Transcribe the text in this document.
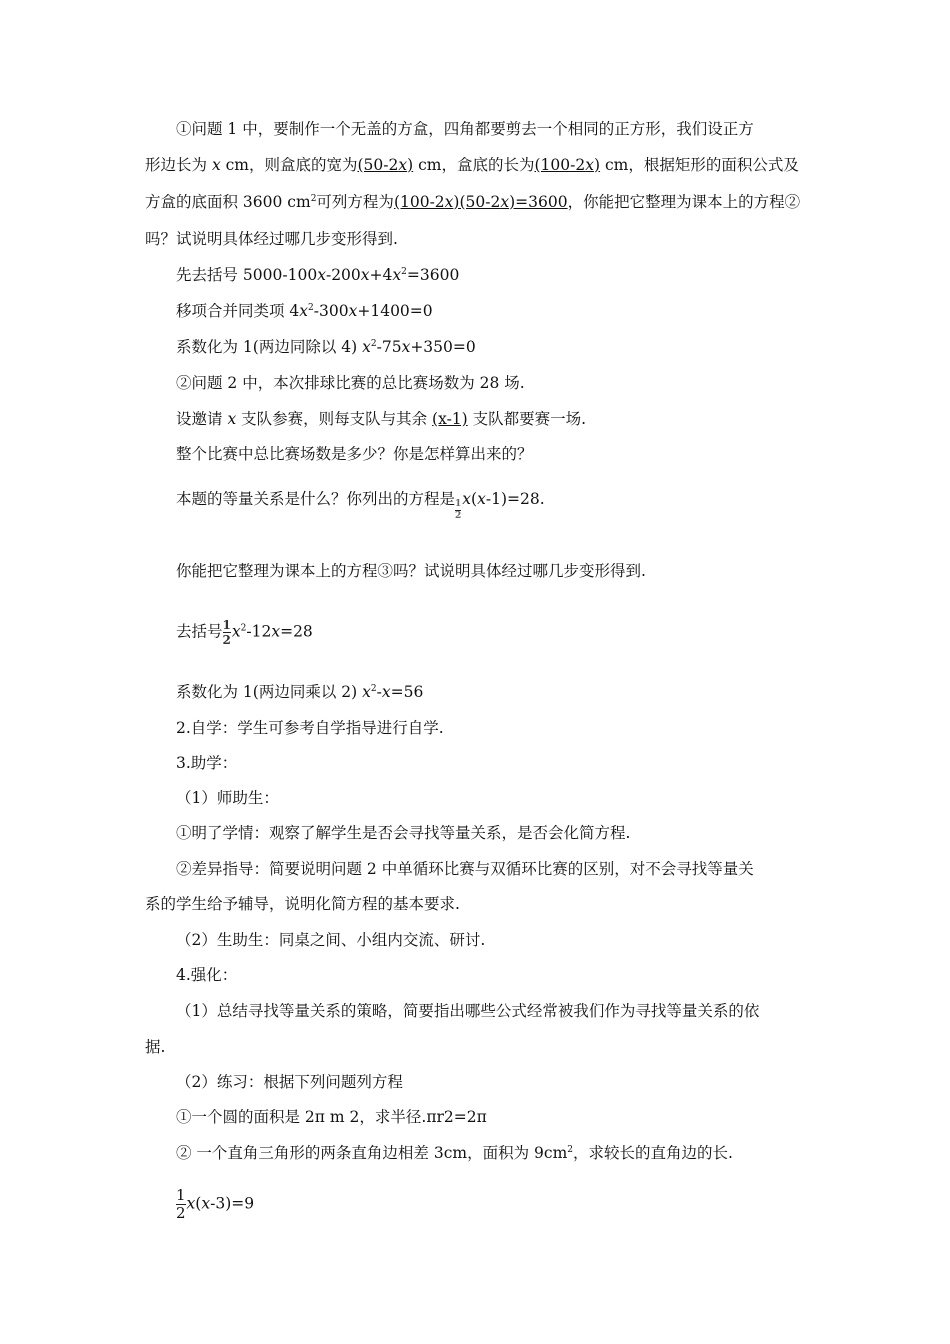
①问题 1 中，要制作一个无盖的方盒，四角都要剪去一个相同的正方形，我们设正方
形边长为 x cm，则盒底的宽为(50-2x) cm，盒底的长为(100-2x) cm，根据矩形的面积公式及
方盒的底面积 3600 $cm^2$可列方程为(100-2x)(50-2x)=3600，你能把它整理为课本上的方程②
吗？试说明具体经过哪几步变形得到.
先去括号 $5000-100x-200x+4x^2=3600$
移项合并同类项 $4x^2-300x+1400=0$
系数化为 1(两边同除以 4) $x^2-75x+350=0$
②问题 2 中，本次排球比赛的总比赛场数为 28 场.
设邀请 x 支队参赛，则每支队与其余 (x-1) 支队都要赛一场.
整个比赛中总比赛场数是多少？你是怎样算出来的？
本题的等量关系是什么？你列出的方程是
$\frac{1}{2}$
x(x-1)=28.
你能把它整理为课本上的方程③吗？试说明具体经过哪几步变形得到.
去括号 $\frac{1}{2} x^2-12x=28$
系数化为 1(两边同乘以 2) $x^2-x=56$
2.自学：学生可参考自学指导进行自学.
3.助学：
（1）师助生：
①明了学情：观察了解学生是否会寻找等量关系，是否会化简方程.
②差异指导：简要说明问题 2 中单循环比赛与双循环比赛的区别，对不会寻找等量关
系的学生给予辅导，说明化简方程的基本要求.
（2）生助生：同桌之间、小组内交流、研讨.
4.强化：
（1）总结寻找等量关系的策略，简要指出哪些公式经常被我们作为寻找等量关系的依
据.
（2）练习：根据下列问题列方程
①一个圆的面积是 2π m 2，求半径.πr2=2π
② 一个直角三角形的两条直角边相差 3cm，面积为 $9cm^2$，求较长的直角边的长.
$\frac{1}{2} x(x-3)=9$
